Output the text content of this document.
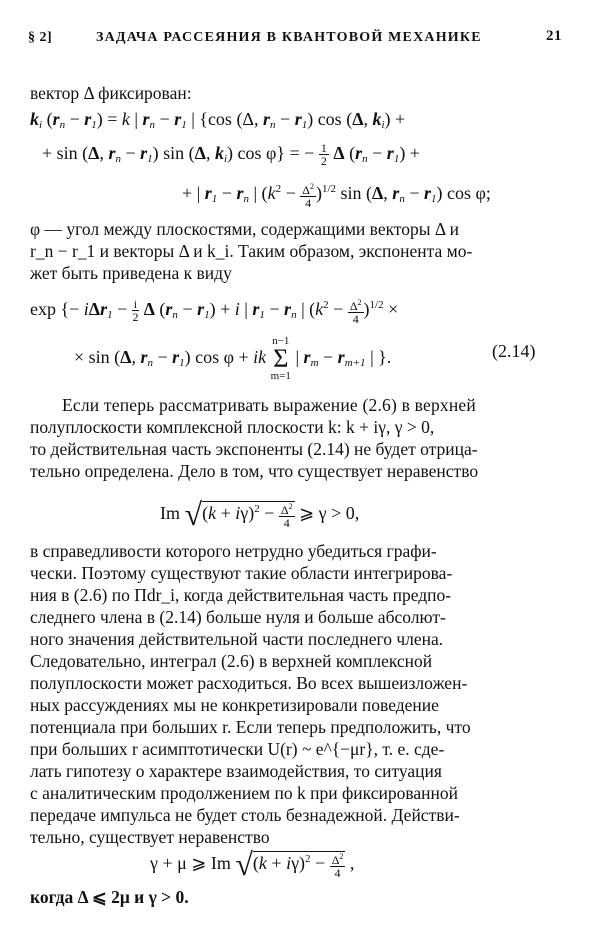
§ 2]	ЗАДАЧА РАССЕЯНИЯ В КВАНТОВОЙ МЕХАНИКЕ	21
вектор Δ фиксирован:
$k_i$ $(r_n - r_1) = k$ | $r_n - r_1$ | {cos (Δ, $r_n - r_1$) cos (Δ, $k_i$) +
+ sin (Δ, $r_n - r_1$) sin (Δ, $k_i$) cos φ} = − $\frac{1}{2}$ Δ $(r_n - r_1)$ +
+ | $r_1 - r_n$ | $(k^2 - \frac{\Delta^2}{4} )^{1/2}$ sin (Δ, $r_n - r_1$) cos φ;
φ — угол между плоскостями, содержащими векторы Δ и
r_n − r_1 и векторы Δ и k_i. Таким образом, экспонента мо-
жет быть приведена к виду
exp {− $i\Delta r_1 - \frac{i}{2}$ Δ $(r_n - r_1) + i$ | $r_1 - r_n$ | $(k^2 - \frac{\Delta^2}{4} )^{1/2}$ ×
× sin (Δ, $r_n - r_1$) cos φ + ik n−1
Σ
m=1 | $r_m - r_{m+1}$ | }.	(2.14)
Если теперь рассматривать выражение (2.6) в верхней
полуплоскости комплексной плоскости k: k + iγ, γ > 0,
то действительная часть экспоненты (2.14) не будет отрица-
тельно определена. Дело в том, что существует неравенство
Im $√(k + i\gamma)^2 - \frac{\Delta^2}{4}$ ⩾ γ > 0,
в справедливости которого нетрудно убедиться графи-
чески. Поэтому существуют такие области интегрирова-
ния в (2.6) по Πdr_i, когда действительная часть предпо-
следнего члена в (2.14) больше нуля и больше абсолют-
ного значения действительной части последнего члена.
Следовательно, интеграл (2.6) в верхней комплексной
полуплоскости может расходиться. Во всех вышеизложен-
ных рассуждениях мы не конкретизировали поведение
потенциала при больших r. Если теперь предположить, что
при больших r асимптотически U(r) ~ e^{−μr}, т. е. сде-
лать гипотезу о характере взаимодействия, то ситуация
с аналитическим продолжением по k при фиксированной
передаче импульса не будет столь безнадежной. Действи-
тельно, существует неравенство
γ + μ ⩾ Im $√(k + i\gamma)^2 - \frac{\Delta^2}{4}$ ,
когда Δ ⩽ 2μ и γ > 0.
